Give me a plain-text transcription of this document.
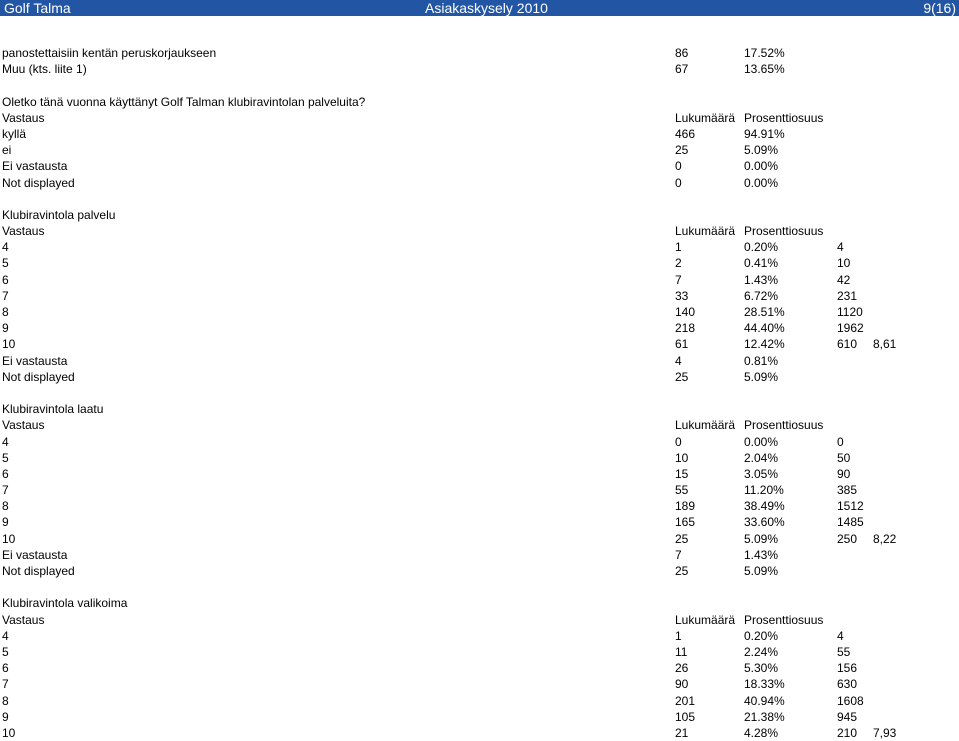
Golf Talma	Asiakaskysely 2010	9(16)
panostettaisiin kentän peruskorjaukseen	86	17.52%
Muu (kts. liite 1)	67	13.65%
Oletko tänä vuonna käyttänyt Golf Talman klubiravintolan palveluita?
Vastaus	Lukumäärä Prosenttiosuus
kyllä	466	94.91%
ei	25	5.09%
Ei vastausta	0	0.00%
Not displayed	0	0.00%
Klubiravintola palvelu
Vastaus	Lukumäärä Prosenttiosuus
4	1	0.20%	4
5	2	0.41%	10
6	7	1.43%	42
7	33	6.72%	231
8	140	28.51%	1120
9	218	44.40%	1962
10	61	12.42%	610 8,61
Ei vastausta	4	0.81%
Not displayed	25	5.09%
Klubiravintola laatu
Vastaus	Lukumäärä Prosenttiosuus
4	0	0.00%	0
5	10	2.04%	50
6	15	3.05%	90
7	55	11.20%	385
8	189	38.49%	1512
9	165	33.60%	1485
10	25	5.09%	250 8,22
Ei vastausta	7	1.43%
Not displayed	25	5.09%
Klubiravintola valikoima
Vastaus	Lukumäärä Prosenttiosuus
4	1	0.20%	4
5	11	2.24%	55
6	26	5.30%	156
7	90	18.33%	630
8	201	40.94%	1608
9	105	21.38%	945
10	21	4.28%	210 7,93
